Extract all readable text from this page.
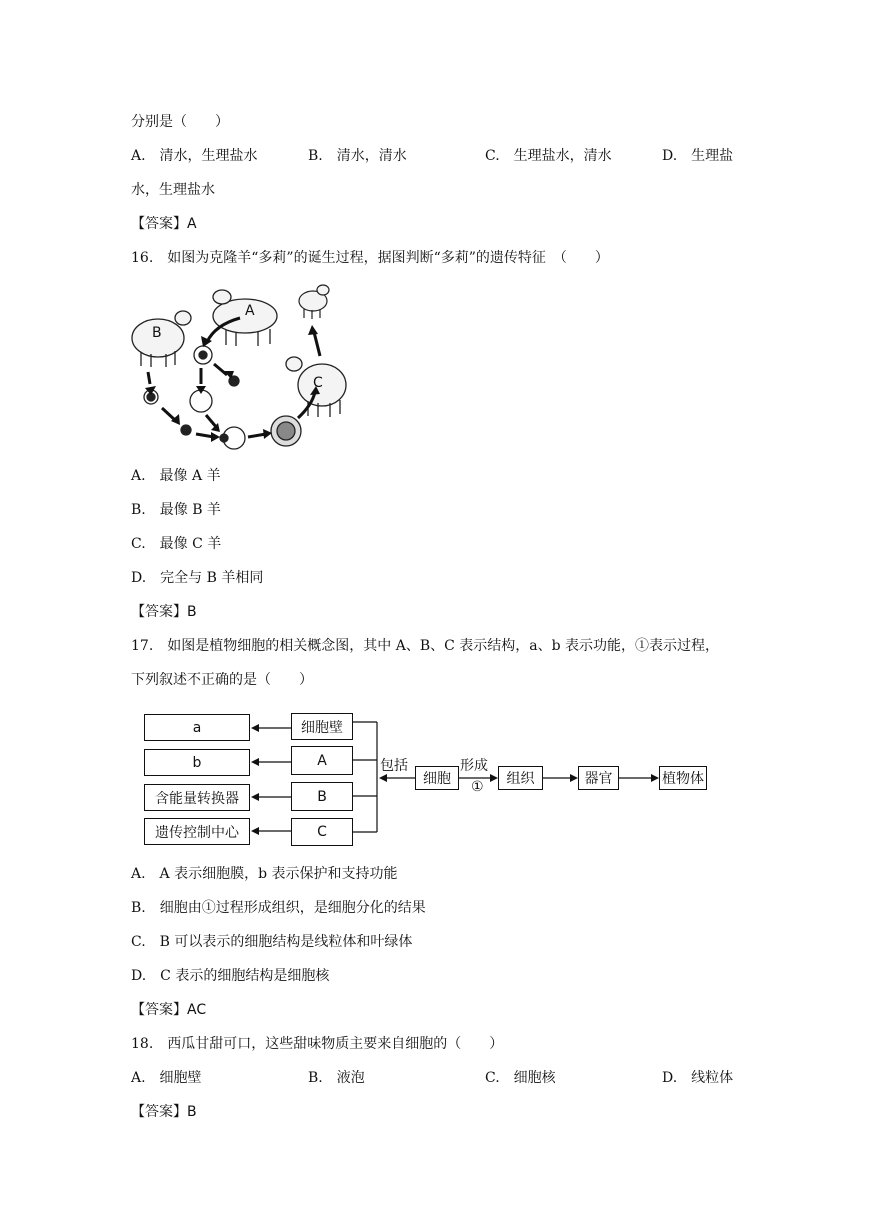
分别是（　　）
A.　清水，生理盐水	B.　清水，清水	C.　生理盐水，清水	D.　生理盐
水，生理盐水
【答案】A
16.　如图为克隆羊“多莉”的诞生过程，据图判断“多莉”的遗传特征　（　　）
A
B
C
A.　最像 A 羊
B.　最像 B 羊
C.　最像 C 羊
D.　完全与 B 羊相同
【答案】B
17.　如图是植物细胞的相关概念图，其中 A、B、C 表示结构，a、b 表示功能，①表示过程，
下列叙述不正确的是（　　）
a
b
含能量转换器
遗传控制中心
细胞壁
A
B
C
包括
细胞
形成
①	组织	器官	植物体
A.　A 表示细胞膜，b 表示保护和支持功能
B.　细胞由①过程形成组织，是细胞分化的结果
C.　B 可以表示的细胞结构是线粒体和叶绿体
D.　C 表示的细胞结构是细胞核
【答案】AC
18.　西瓜甘甜可口，这些甜味物质主要来自细胞的（　　）
A.　细胞壁	B.　液泡	C.　细胞核	D.　线粒体
【答案】B
